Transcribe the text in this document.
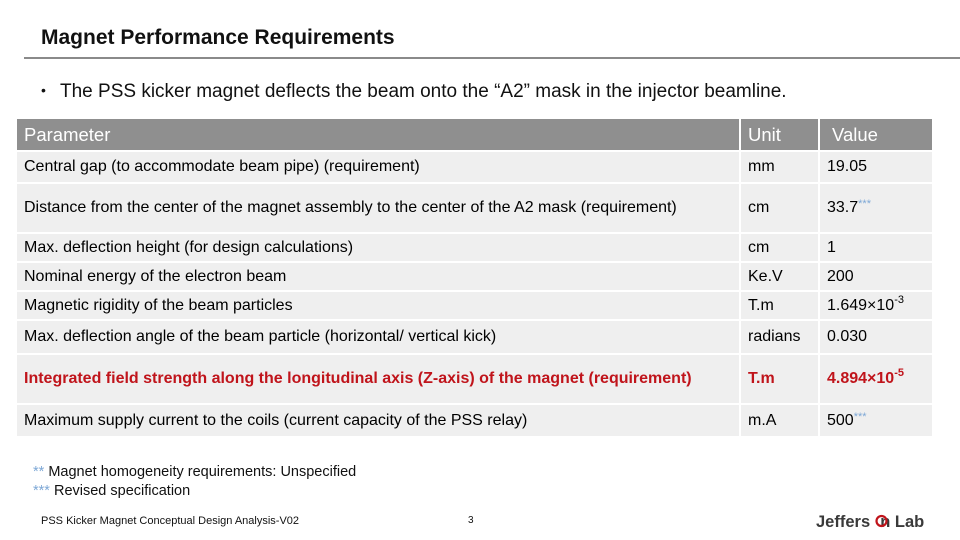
Magnet Performance Requirements
• The PSS kicker magnet deflects the beam onto the “A2” mask in the injector beamline.
Parameter	Unit	Value
Central gap (to accommodate beam pipe) (requirement)	mm	19.05
Distance from the center of the magnet assembly to the center of the A2 mask (requirement)	cm	33.7***
Max. deflection height (for design calculations)	cm	1
Nominal energy of the electron beam	Ke.V	200
Magnetic rigidity of the beam particles	T.m	$1.649\times 10^{-3}$
Max. deflection angle of the beam particle (horizontal/ vertical kick)	radians	0.030
Integrated field strength along the longitudinal axis (Z-axis) of the magnet (requirement)	T.m	$4.894\times 10^{-5}$
Maximum supply current to the coils (current capacity of the PSS relay)	m.A	500***
** Magnet homogeneity requirements: Unspecified
*** Revised specification
PSS Kicker Magnet Conceptual Design Analysis-V02	3	Jefferson Lab
